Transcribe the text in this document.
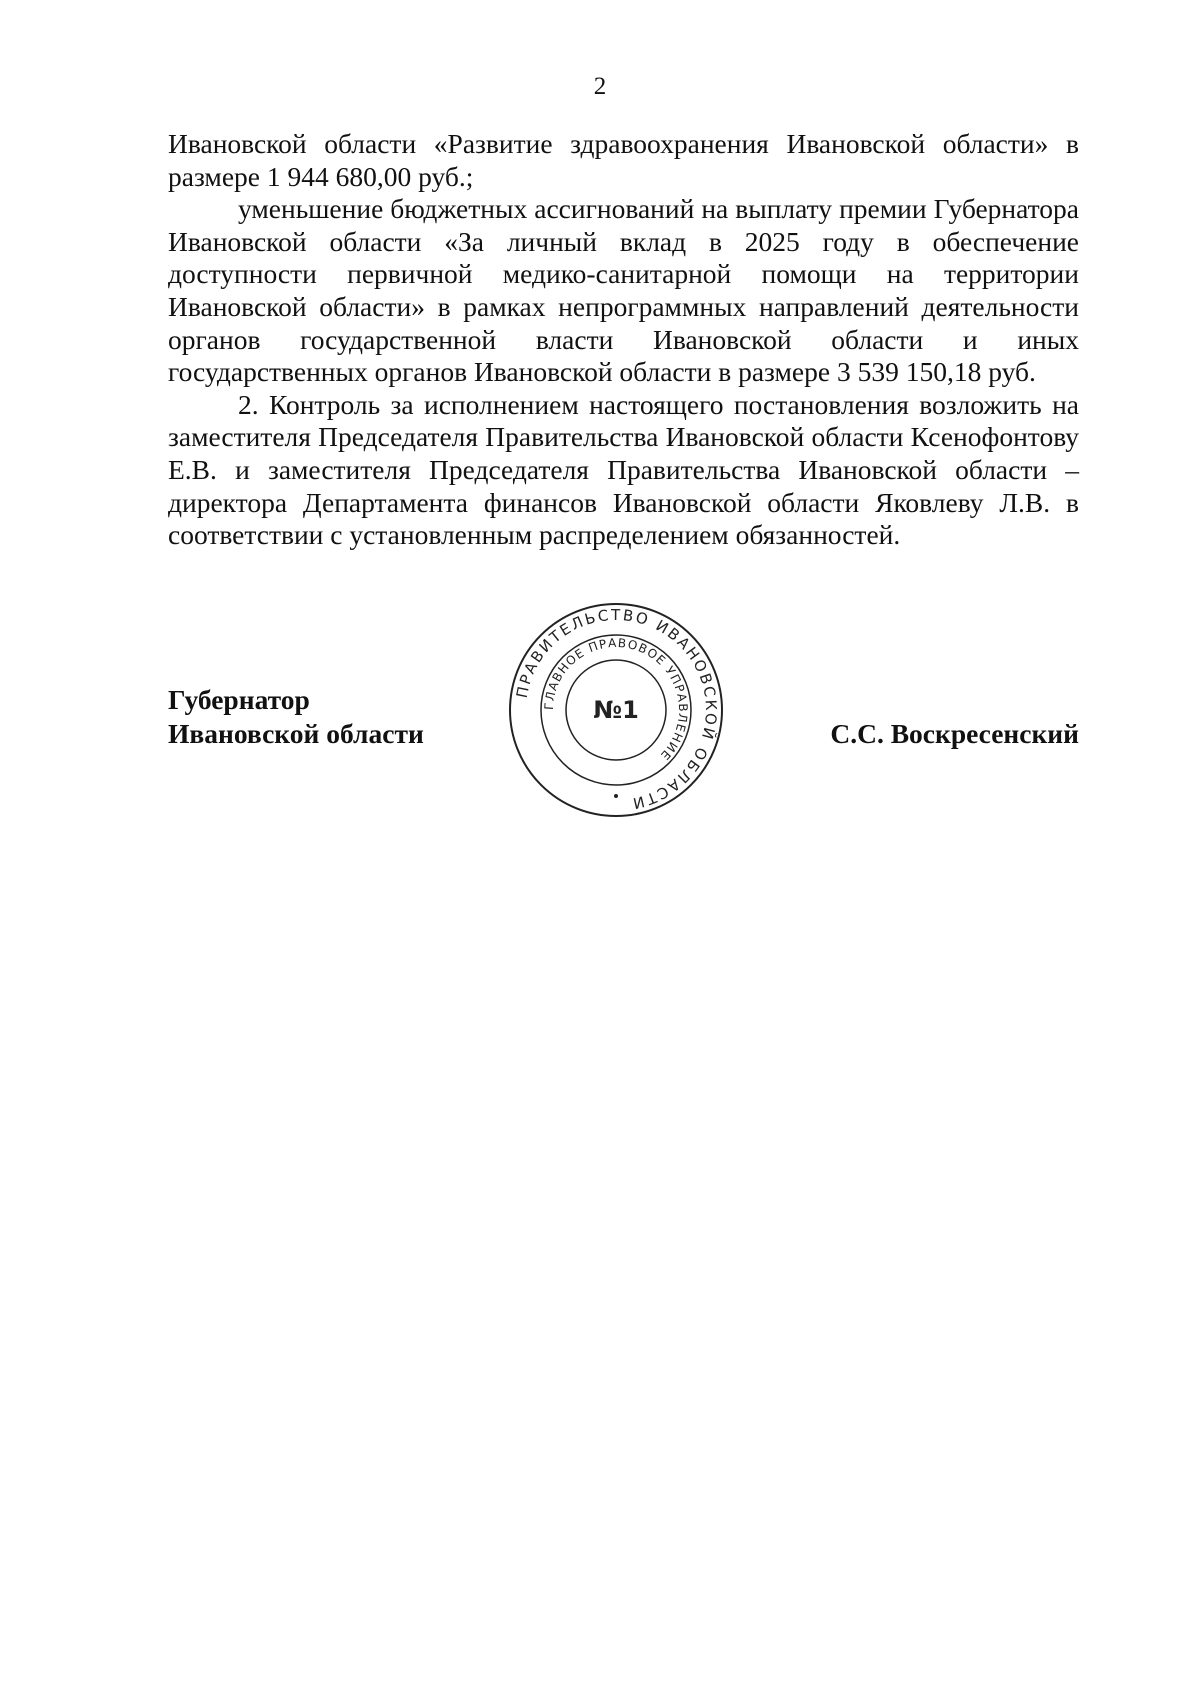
2

Ивановской области «Развитие здравоохранения Ивановской области» в размере 1 944 680,00 руб.;

уменьшение бюджетных ассигнований на выплату премии Губернатора Ивановской области «За личный вклад в 2025 году в обеспечение доступности первичной медико-санитарной помощи на территории Ивановской области» в рамках непрограммных направлений деятельности органов государственной власти Ивановской области и иных государственных органов Ивановской области в размере 3 539 150,18 руб.

2. Контроль за исполнением настоящего постановления возложить на заместителя Председателя Правительства Ивановской области Ксенофонтову Е.В. и заместителя Председателя Правительства Ивановской области – директора Департамента финансов Ивановской области Яковлеву Л.В. в соответствии с установленным распределением обязанностей.

Губернатор
Ивановской области	С.С. Воскресенский
ПРАВИТЕЛЬСТВО ИВАНОВСКОЙ ОБЛАСТИ
ГЛАВНОЕ ПРАВОВОЕ УПРАВЛЕНИЕ
№1
